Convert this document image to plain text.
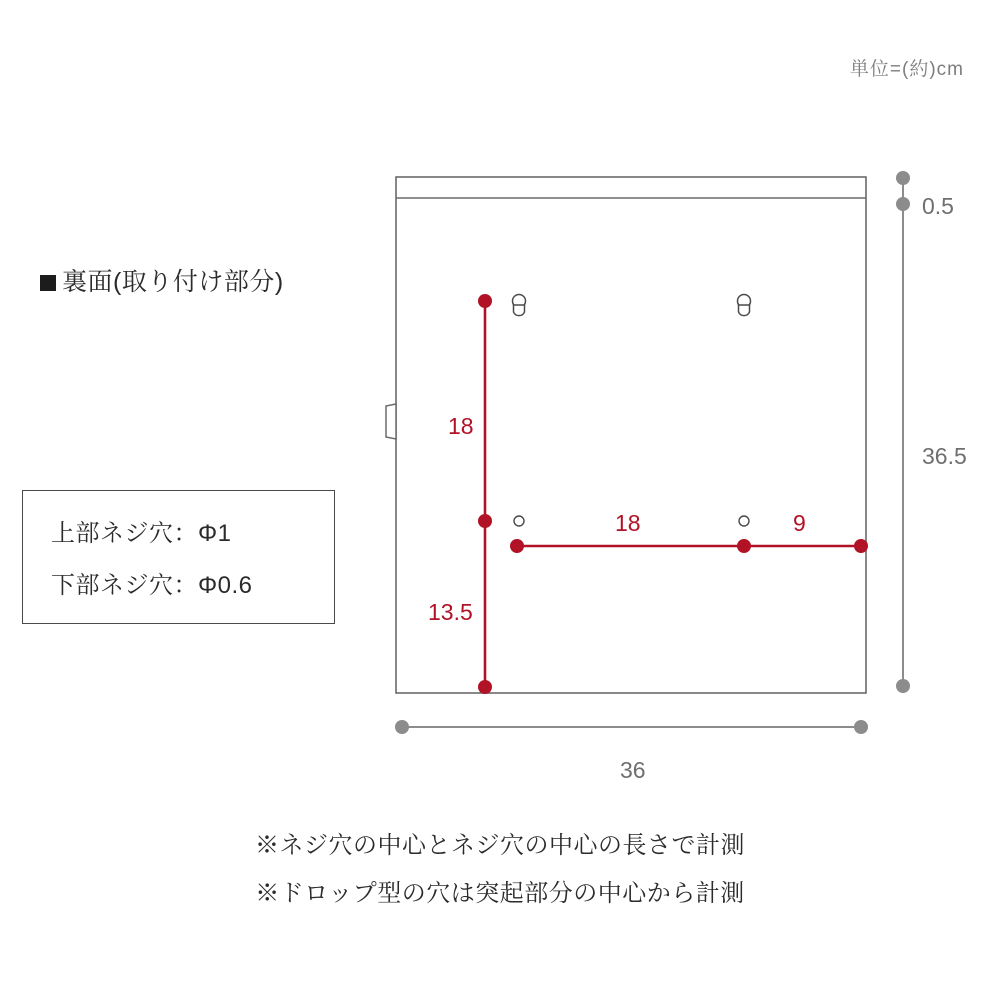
単位=(約)cm
裏面(取り付け部分)
上部ネジ穴：Φ1
下部ネジ穴：Φ0.6
0.5
36.5
36
18
13.5
18	9
※ネジ穴の中心とネジ穴の中心の長さで計測
※ドロップ型の穴は突起部分の中心から計測
